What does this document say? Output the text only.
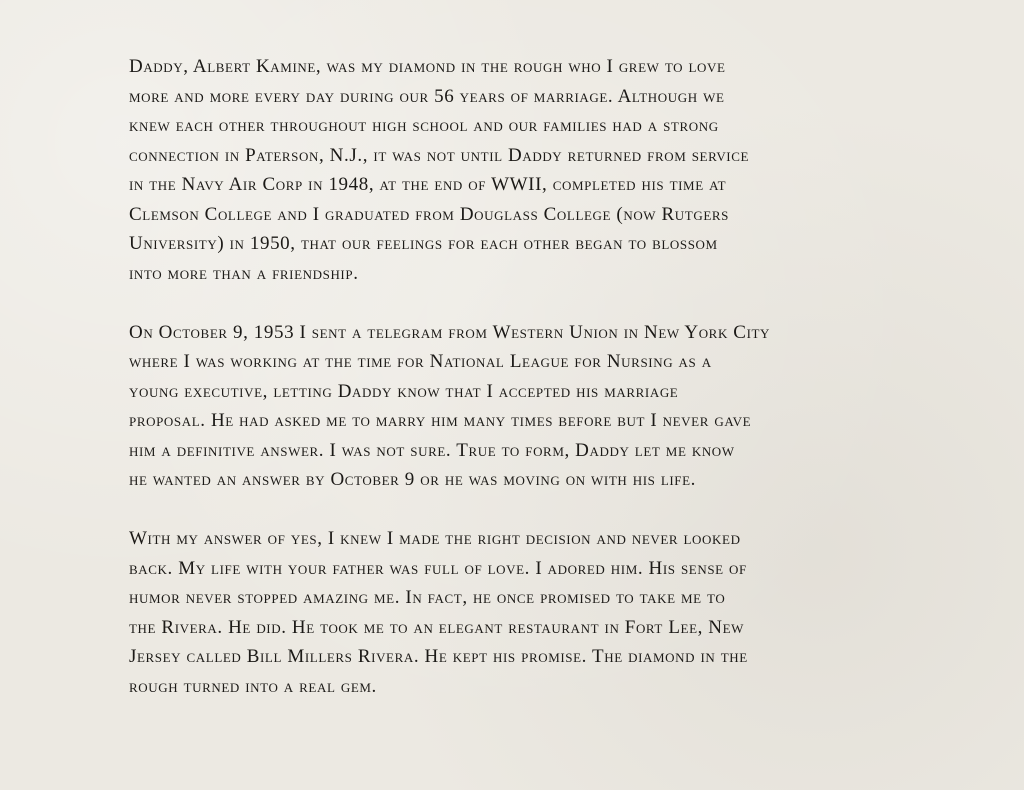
Daddy, Albert Kamine, was my diamond in the rough who I grew to love
more and more every day during our 56 years of marriage. Although we
knew each other throughout high school and our families had a strong
connection in Paterson, N.J., it was not until Daddy returned from service
in the Navy Air Corp in 1948, at the end of WWII, completed his time at
Clemson College and I graduated from Douglass College (now Rutgers
University) in 1950, that our feelings for each other began to blossom
into more than a friendship.

On October 9, 1953 I sent a telegram from Western Union in New York City
where I was working at the time for National League for Nursing as a
young executive, letting Daddy know that I accepted his marriage
proposal. He had asked me to marry him many times before but I never gave
him a definitive answer. I was not sure. True to form, Daddy let me know
he wanted an answer by October 9 or he was moving on with his life.

With my answer of yes, I knew I made the right decision and never looked
back. My life with your father was full of love. I adored him. His sense of
humor never stopped amazing me. In fact, he once promised to take me to
the Rivera. He did. He took me to an elegant restaurant in Fort Lee, New
Jersey called Bill Millers Rivera. He kept his promise. The diamond in the
rough turned into a real gem.
